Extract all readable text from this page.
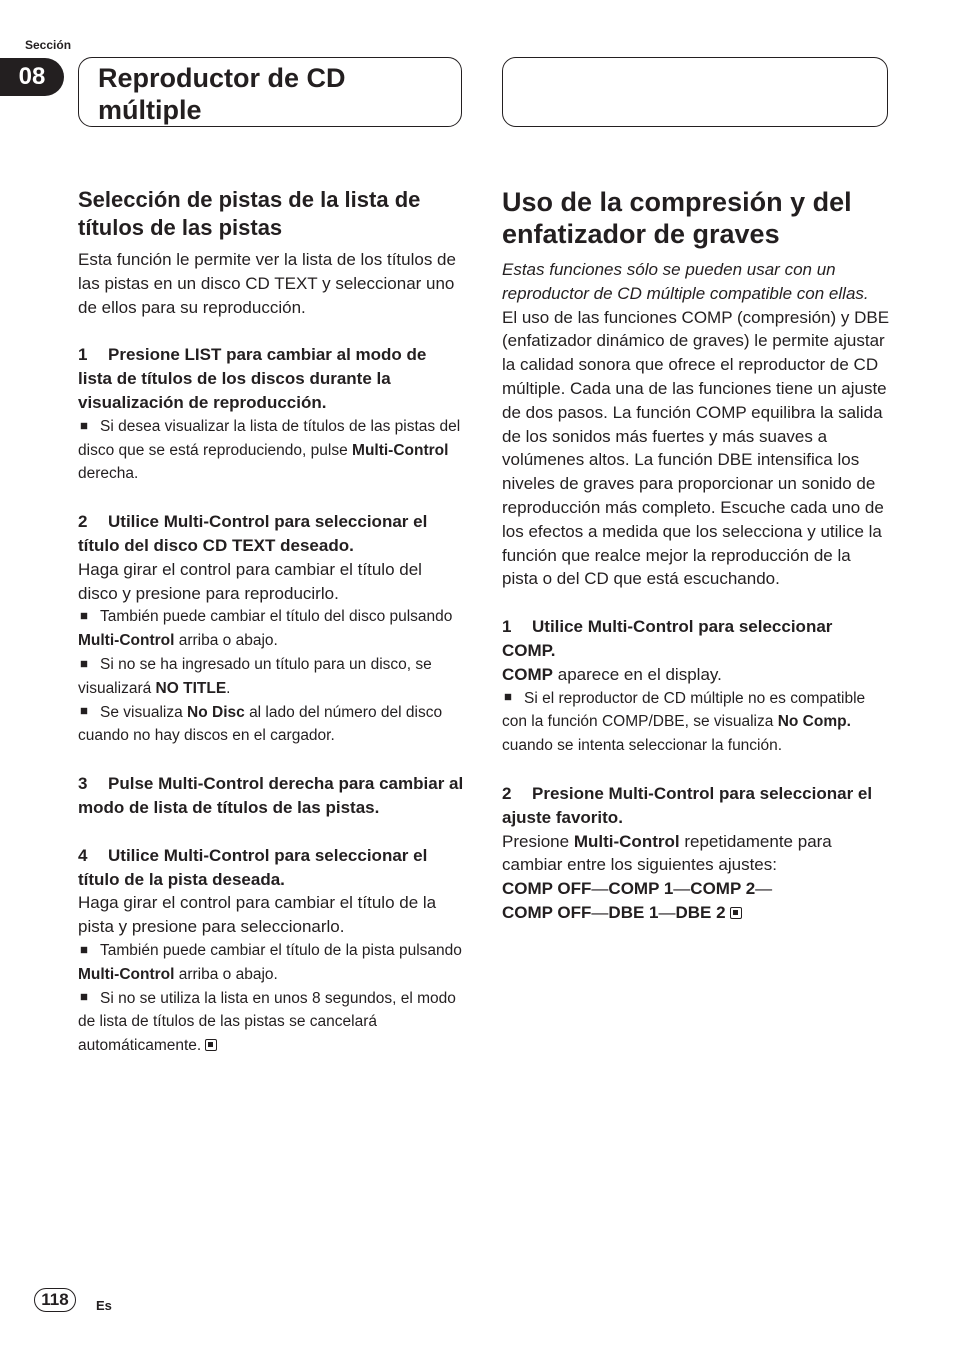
Sección
08	Reproductor de CD
múltiple
Selección de pistas de la lista de títulos de las pistas

Esta función le permite ver la lista de los títulos de las pistas en un disco CD TEXT y seleccionar uno de ellos para su reproducción.

1 Presione LIST para cambiar al modo de lista de títulos de los discos durante la visualización de reproducción.

Si desea visualizar la lista de títulos de las pistas del disco que se está reproduciendo, pulse Multi-Control derecha.

2 Utilice Multi-Control para seleccionar el título del disco CD TEXT deseado.

Haga girar el control para cambiar el título del disco y presione para reproducirlo.

También puede cambiar el título del disco pulsando Multi-Control arriba o abajo.

Si no se ha ingresado un título para un disco, se visualizará NO TITLE.

Se visualiza No Disc al lado del número del disco cuando no hay discos en el cargador.

3 Pulse Multi-Control derecha para cambiar al modo de lista de títulos de las pistas.
4 Utilice Multi-Control para seleccionar el título de la pista deseada.

Haga girar el control para cambiar el título de la pista y presione para seleccionarlo.

También puede cambiar el título de la pista pulsando Multi-Control arriba o abajo.

Si no se utiliza la lista en unos 8 segundos, el modo de lista de títulos de las pistas se cancelará automáticamente.

Uso de la compresión y del enfatizador de graves

Estas funciones sólo se pueden usar con un reproductor de CD múltiple compatible con ellas.

El uso de las funciones COMP (compresión) y DBE (enfatizador dinámico de graves) le permite ajustar la calidad sonora que ofrece el reproductor de CD múltiple. Cada una de las funciones tiene un ajuste de dos pasos. La función COMP equilibra la salida de los sonidos más fuertes y más suaves a volúmenes altos. La función DBE intensifica los niveles de graves para proporcionar un sonido de reproducción más completo. Escuche cada uno de los efectos a medida que los selecciona y utilice la función que realce mejor la reproducción de la pista o del CD que está escuchando.

1 Utilice Multi-Control para seleccionar COMP.

COMP aparece en el display.

Si el reproductor de CD múltiple no es compatible con la función COMP/DBE, se visualiza No Comp. cuando se intenta seleccionar la función.

2 Presione Multi-Control para seleccionar el ajuste favorito.

Presione Multi-Control repetidamente para cambiar entre los siguientes ajustes:

COMP OFF—COMP 1—COMP 2—

COMP OFF—DBE 1—DBE 2

118	Es
